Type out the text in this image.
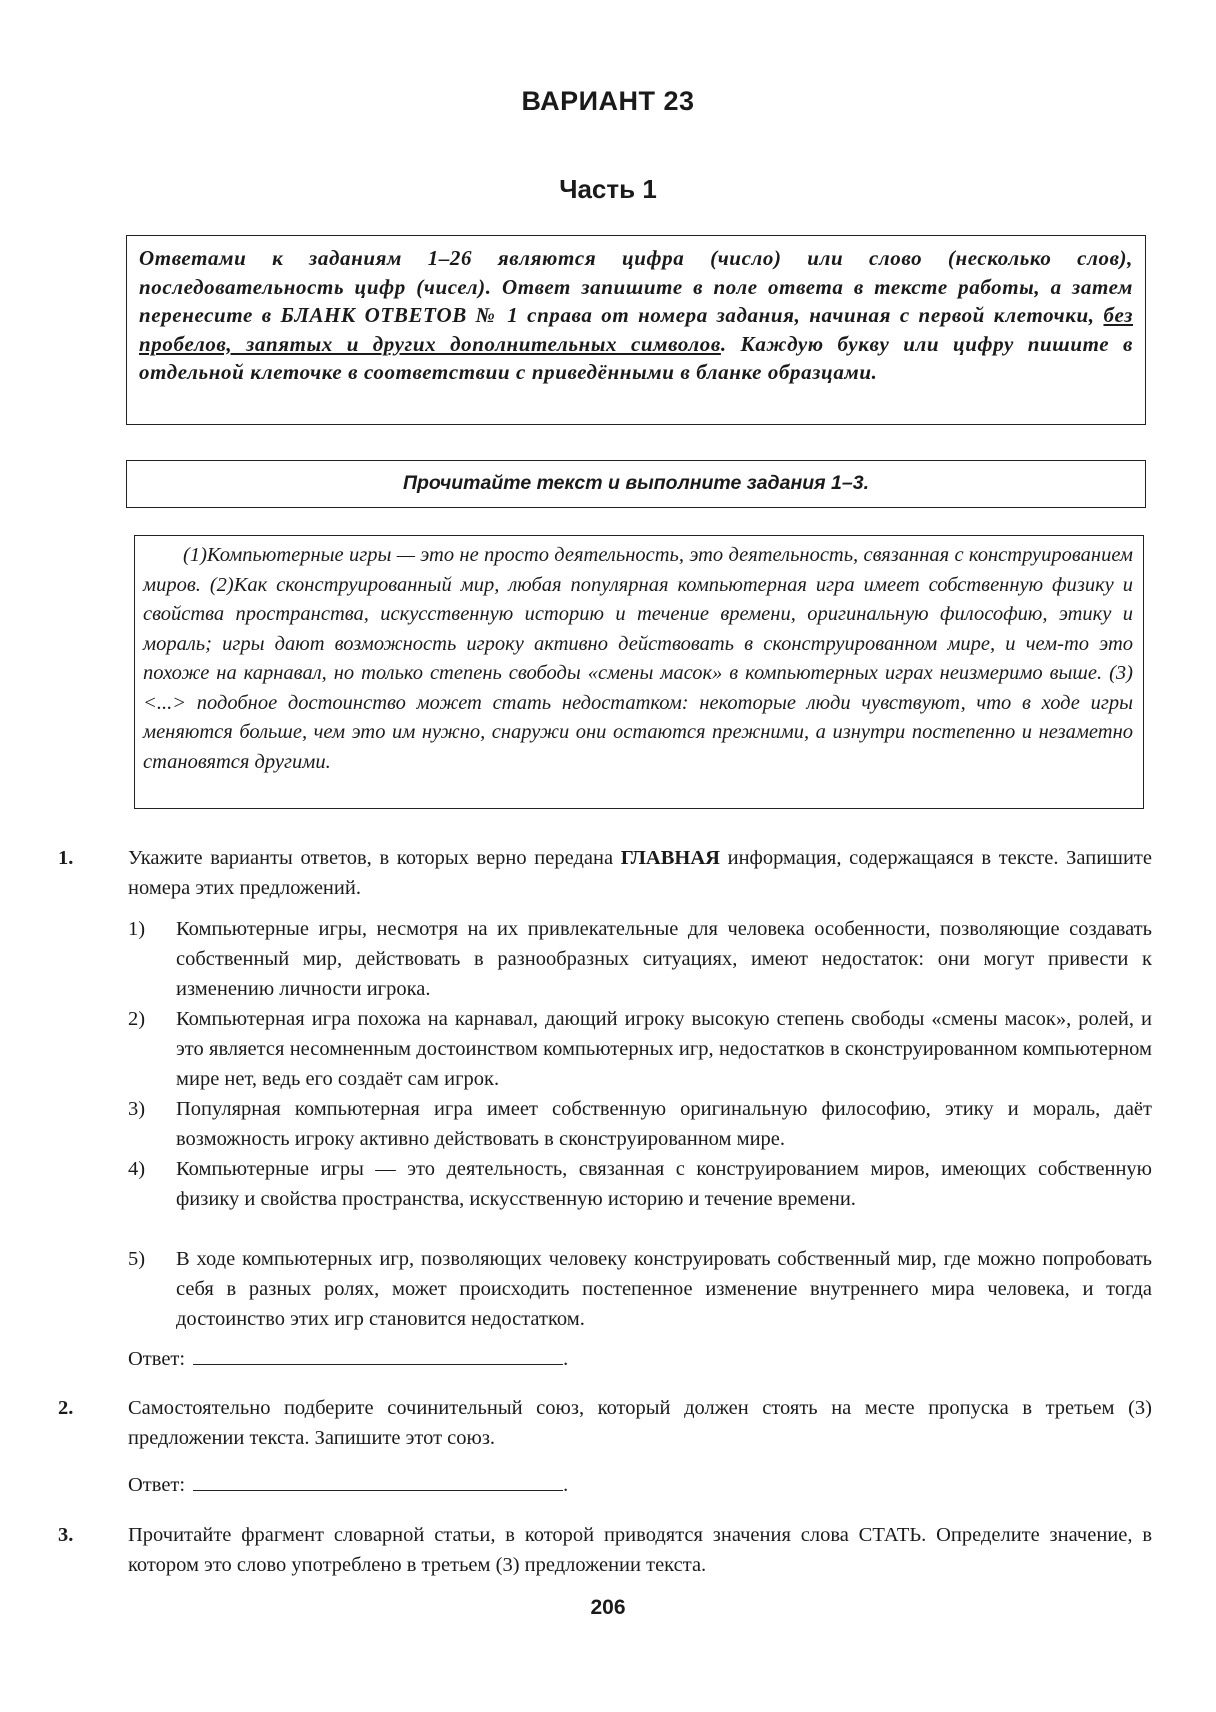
ВАРИАНТ 23
Часть 1
Ответами к заданиям 1–26 являются цифра (число) или слово (несколько слов), последовательность цифр (чисел). Ответ запишите в поле ответа в тексте работы, а затем перенесите в БЛАНК ОТВЕТОВ № 1 справа от номера задания, начиная с первой клеточки, без пробелов, запятых и других дополнительных символов. Каждую букву или цифру пишите в отдельной клеточке в соответствии с приведёнными в бланке образцами.
Прочитайте текст и выполните задания 1–3.
(1)Компьютерные игры — это не просто деятельность, это деятельность, связанная с конструированием миров. (2)Как сконструированный мир, любая популярная компьютерная игра имеет собственную физику и свойства пространства, искусственную историю и течение времени, оригинальную философию, этику и мораль; игры дают возможность игроку активно действовать в сконструированном мире, и чем-то это похоже на карнавал, но только степень свободы «смены масок» в компьютерных играх неизмеримо выше. (3)<...> подобное достоинство может стать недостатком: некоторые люди чувствуют, что в ходе игры меняются больше, чем это им нужно, снаружи они остаются прежними, а изнутри постепенно и незаметно становятся другими.
1.	Укажите варианты ответов, в которых верно передана ГЛАВНАЯ информация, содержащаяся в тексте. Запишите номера этих предложений.
1) Компьютерные игры, несмотря на их привлекательные для человека особенности, позволяющие создавать собственный мир, действовать в разнообразных ситуациях, имеют недостаток: они могут привести к изменению личности игрока.
2) Компьютерная игра похожа на карнавал, дающий игроку высокую степень свободы «смены масок», ролей, и это является несомненным достоинством компьютерных игр, недостатков в сконструированном компьютерном мире нет, ведь его создаёт сам игрок.
3) Популярная компьютерная игра имеет собственную оригинальную философию, этику и мораль, даёт возможность игроку активно действовать в сконструированном мире.
4) Компьютерные игры — это деятельность, связанная с конструированием миров, имеющих собственную физику и свойства пространства, искусственную историю и течение времени.
5) В ходе компьютерных игр, позволяющих человеку конструировать собственный мир, где можно попробовать себя в разных ролях, может происходить постепенное изменение внутреннего мира человека, и тогда достоинство этих игр становится недостатком.
Ответ:	.
2.	Самостоятельно подберите сочинительный союз, который должен стоять на месте пропуска в третьем (3) предложении текста. Запишите этот союз.
Ответ:	.
3.	Прочитайте фрагмент словарной статьи, в которой приводятся значения слова СТАТЬ. Определите значение, в котором это слово употреблено в третьем (3) предложении текста.
206
